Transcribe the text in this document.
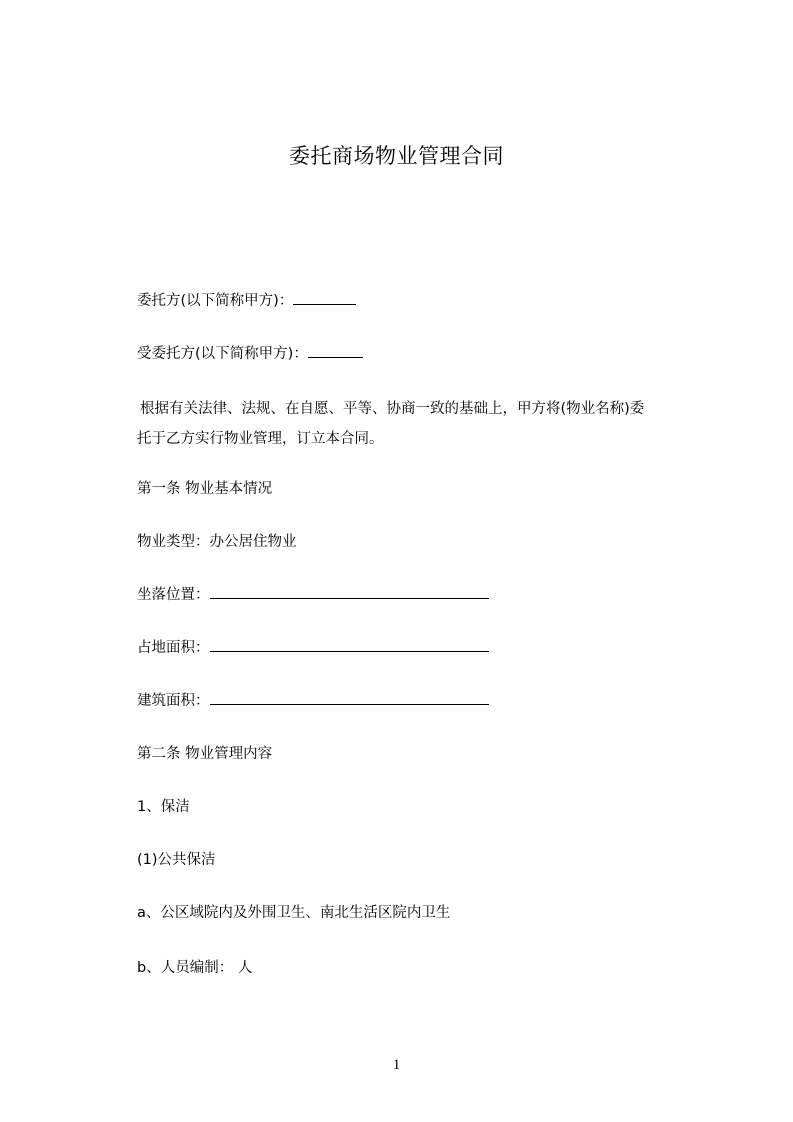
委托商场物业管理合同
委托方(以下简称甲方)：
受委托方(以下简称甲方)：
根据有关法律、法规、在自愿、平等、协商一致的基础上，甲方将(物业名称)委
托于乙方实行物业管理，订立本合同。
第一条 物业基本情况
物业类型：办公居住物业
坐落位置：
占地面积：
建筑面积：
第二条 物业管理内容
1、保洁
(1)公共保洁
a、公区域院内及外围卫生、南北生活区院内卫生
b、人员编制： 人
1
